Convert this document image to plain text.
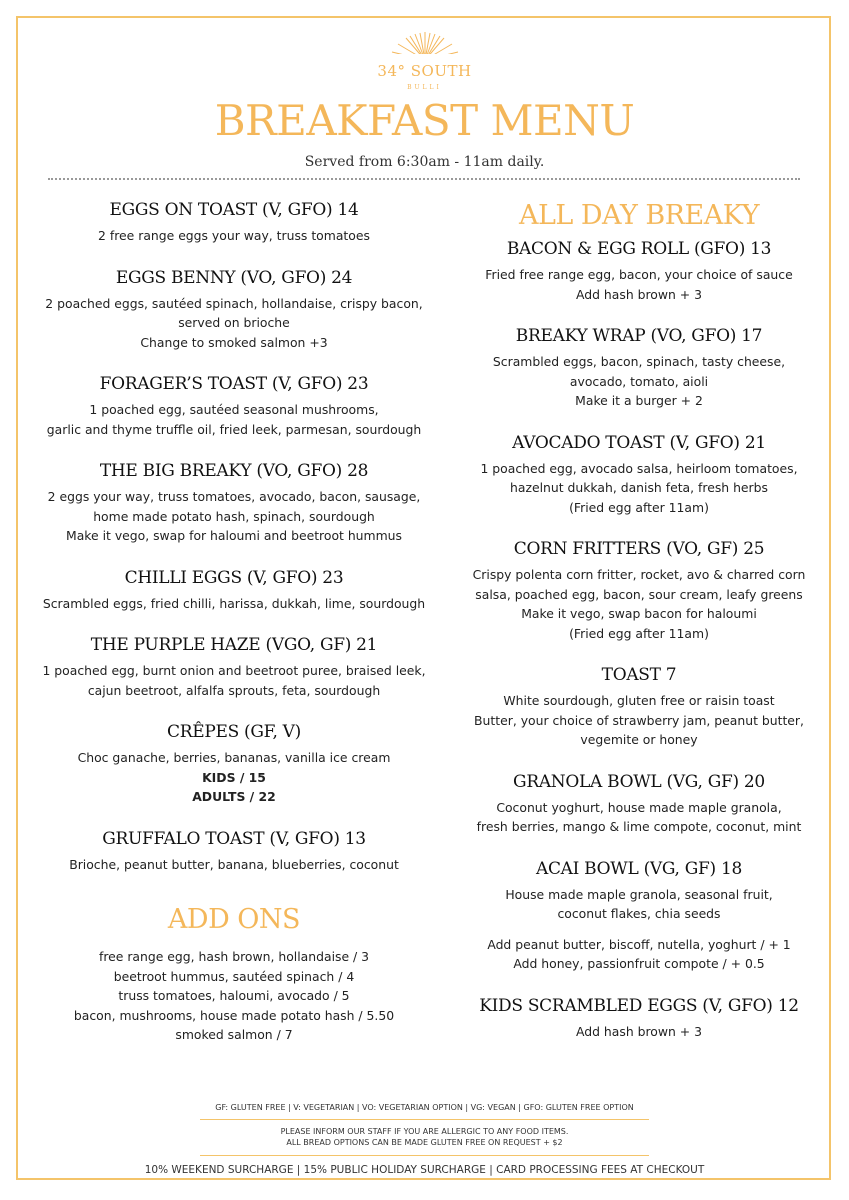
34° SOUTH
BULLI
BREAKFAST MENU
Served from 6:30am - 11am daily.
EGGS ON TOAST (V, GFO) 14
2 free range eggs your way, truss tomatoes
EGGS BENNY (VO, GFO) 24
2 poached eggs, sautéed spinach, hollandaise, crispy bacon,
served on brioche
Change to smoked salmon +3
FORAGER’S TOAST (V, GFO) 23
1 poached egg, sautéed seasonal mushrooms,
garlic and thyme truffle oil, fried leek, parmesan, sourdough
THE BIG BREAKY (VO, GFO) 28
2 eggs your way, truss tomatoes, avocado, bacon, sausage,
home made potato hash, spinach, sourdough
Make it vego, swap for haloumi and beetroot hummus
CHILLI EGGS (V, GFO) 23
Scrambled eggs, fried chilli, harissa, dukkah, lime, sourdough
THE PURPLE HAZE (VGO, GF) 21
1 poached egg, burnt onion and beetroot puree, braised leek,
cajun beetroot, alfalfa sprouts, feta, sourdough
CRÊPES (GF, V)
Choc ganache, berries, bananas, vanilla ice cream
KIDS / 15
ADULTS / 22
GRUFFALO TOAST (V, GFO) 13
Brioche, peanut butter, banana, blueberries, coconut
ADD ONS
free range egg, hash brown, hollandaise / 3
beetroot hummus, sautéed spinach / 4
truss tomatoes, haloumi, avocado / 5
bacon, mushrooms, house made potato hash / 5.50
smoked salmon / 7
ALL DAY BREAKY
BACON & EGG ROLL (GFO) 13
Fried free range egg, bacon, your choice of sauce
Add hash brown + 3
BREAKY WRAP (VO, GFO) 17
Scrambled eggs, bacon, spinach, tasty cheese,
avocado, tomato, aioli
Make it a burger + 2
AVOCADO TOAST (V, GFO) 21
1 poached egg, avocado salsa, heirloom tomatoes,
hazelnut dukkah, danish feta, fresh herbs
(Fried egg after 11am)
CORN FRITTERS (VO, GF) 25
Crispy polenta corn fritter, rocket, avo & charred corn
salsa, poached egg, bacon, sour cream, leafy greens
Make it vego, swap bacon for haloumi
(Fried egg after 11am)
TOAST 7
White sourdough, gluten free or raisin toast
Butter, your choice of strawberry jam, peanut butter,
vegemite or honey
GRANOLA BOWL (VG, GF) 20
Coconut yoghurt, house made maple granola,
fresh berries, mango & lime compote, coconut, mint
ACAI BOWL (VG, GF) 18
House made maple granola, seasonal fruit,
coconut flakes, chia seeds
Add peanut butter, biscoff, nutella, yoghurt / + 1
Add honey, passionfruit compote / + 0.5
KIDS SCRAMBLED EGGS (V, GFO) 12
Add hash brown + 3
GF: GLUTEN FREE | V: VEGETARIAN | VO: VEGETARIAN OPTION | VG: VEGAN | GFO: GLUTEN FREE OPTION
PLEASE INFORM OUR STAFF IF YOU ARE ALLERGIC TO ANY FOOD ITEMS.
ALL BREAD OPTIONS CAN BE MADE GLUTEN FREE ON REQUEST + $2
10% WEEKEND SURCHARGE | 15% PUBLIC HOLIDAY SURCHARGE | CARD PROCESSING FEES AT CHECKOUT
